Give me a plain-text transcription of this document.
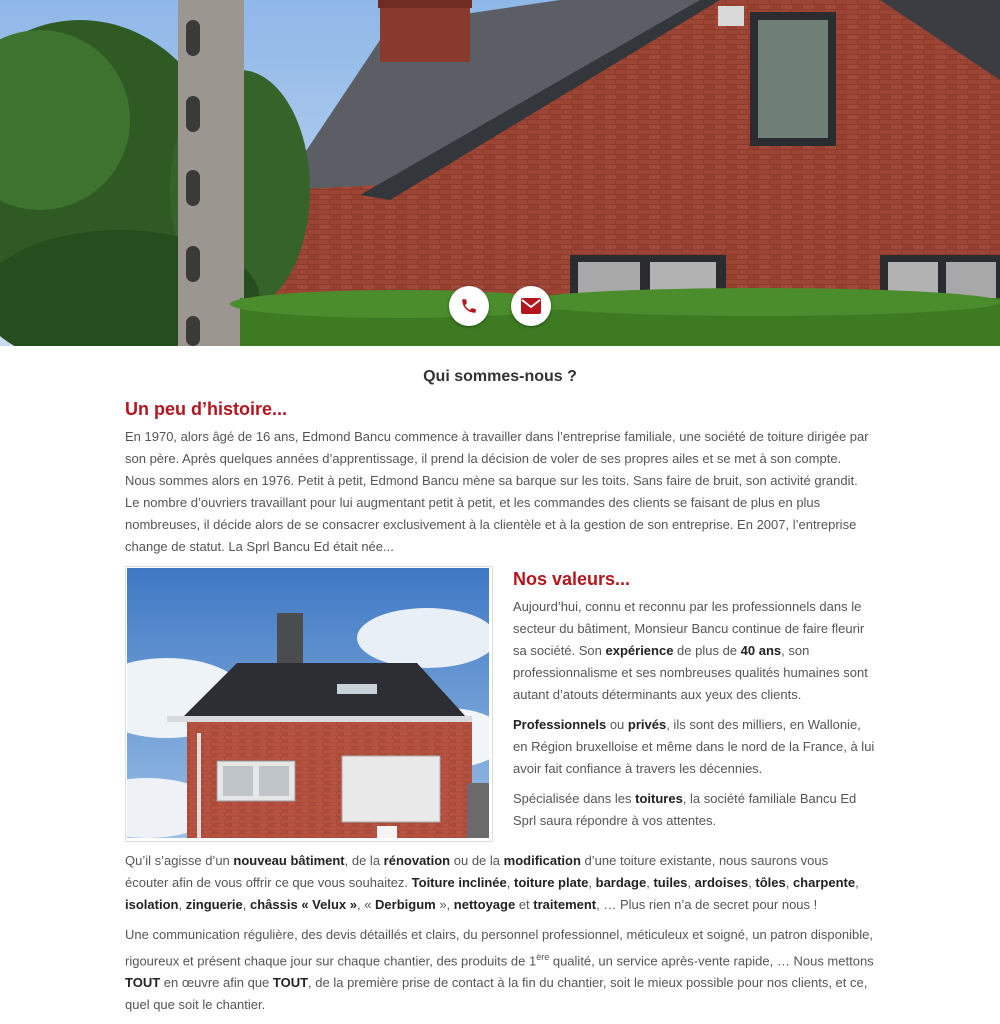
Qui sommes-nous ?
Un peu d’histoire...

En 1970, alors âgé de 16 ans, Edmond Bancu commence à travailler dans l’entreprise familiale, une société de toiture dirigée par son père. Après quelques années d’apprentissage, il prend la décision de voler de ses propres ailes et se met à son compte. Nous sommes alors en 1976. Petit à petit, Edmond Bancu mène sa barque sur les toits. Sans faire de bruit, son activité grandit. Le nombre d’ouvriers travaillant pour lui augmentant petit à petit, et les commandes des clients se faisant de plus en plus nombreuses, il décide alors de se consacrer exclusivement à la clientèle et à la gestion de son entreprise. En 2007, l’entreprise change de statut. La Sprl Bancu Ed était née...

Nos valeurs...

Aujourd’hui, connu et reconnu par les professionnels dans le secteur du bâtiment, Monsieur Bancu continue de faire fleurir sa société. Son expérience de plus de 40 ans, son professionnalisme et ses nombreuses qualités humaines sont autant d’atouts déterminants aux yeux des clients.

Professionnels ou privés, ils sont des milliers, en Wallonie, en Région bruxelloise et même dans le nord de la France, à lui avoir fait confiance à travers les décennies.

Spécialisée dans les toitures, la société familiale Bancu Ed Sprl saura répondre à vos attentes.

Qu’il s’agisse d’un nouveau bâtiment, de la rénovation ou de la modification d’une toiture existante, nous saurons vous écouter afin de vous offrir ce que vous souhaitez. Toiture inclinée, toiture plate, bardage, tuiles, ardoises, tôles, charpente, isolation, zinguerie, châssis « Velux », « Derbigum », nettoyage et traitement, … Plus rien n’a de secret pour nous !

Une communication régulière, des devis détaillés et clairs, du personnel professionnel, méticuleux et soigné, un patron disponible, rigoureux et présent chaque jour sur chaque chantier, des produits de 1ère qualité, un service après-vente rapide, … Nous mettons TOUT en œuvre afin que TOUT, de la première prise de contact à la fin du chantier, soit le mieux possible pour nos clients, et ce, quel que soit le chantier.
